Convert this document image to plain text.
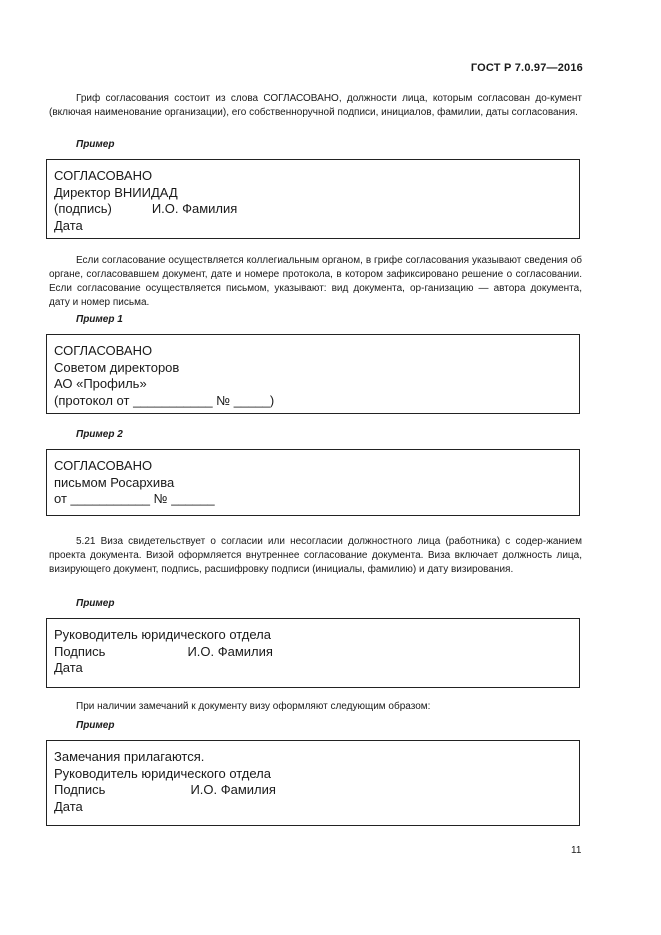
ГОСТ Р 7.0.97—2016
Гриф согласования состоит из слова СОГЛАСОВАНО, должности лица, которым согласован до-кумент (включая наименование организации), его собственноручной подписи, инициалов, фамилии, даты согласования.
Пример
СОГЛАСОВАНО
Директор ВНИИДАД
(подпись)	И.О. Фамилия
Дата
Если согласование осуществляется коллегиальным органом, в грифе согласования указывают сведения об органе, согласовавшем документ, дате и номере протокола, в котором зафиксировано решение о согласовании. Если согласование осуществляется письмом, указывают: вид документа, ор-ганизацию — автора документа, дату и номер письма.
Пример 1
СОГЛАСОВАНО
Советом директоров
АО «Профиль»
(протокол от ___________ № _____)
Пример 2
СОГЛАСОВАНО
письмом Росархива
от ___________ № ______
5.21 Виза свидетельствует о согласии или несогласии должностного лица (работника) с содер-жанием проекта документа. Визой оформляется внутреннее согласование документа. Виза включает должность лица, визирующего документ, подпись, расшифровку подписи (инициалы, фамилию) и дату визирования.
Пример
Руководитель юридического отдела
Подпись	И.О. Фамилия
Дата
При наличии замечаний к документу визу оформляют следующим образом:
Пример
Замечания прилагаются.
Руководитель юридического отдела
Подпись	И.О. Фамилия
Дата
11
